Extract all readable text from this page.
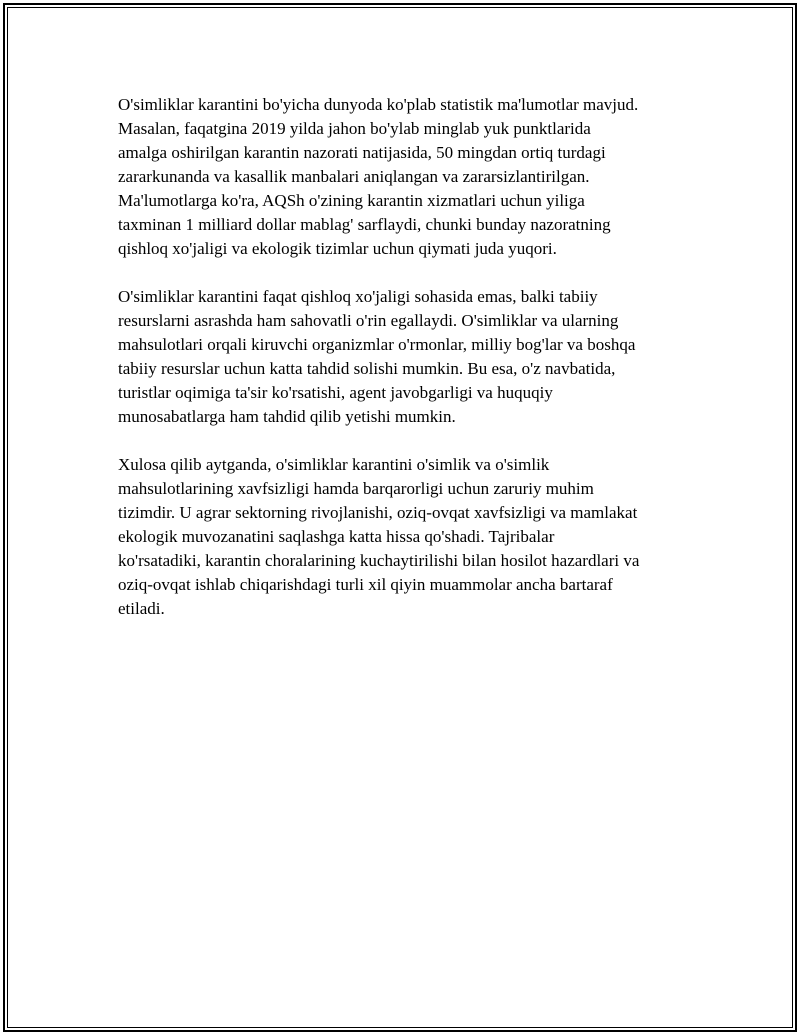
O'simliklar karantini bo'yicha dunyoda ko'plab statistik ma'lumotlar mavjud.
Masalan, faqatgina 2019 yilda jahon bo'ylab minglab yuk punktlarida
amalga oshirilgan karantin nazorati natijasida, 50 mingdan ortiq turdagi
zararkunanda va kasallik manbalari aniqlangan va zararsizlantirilgan.
Ma'lumotlarga ko'ra, AQSh o'zining karantin xizmatlari uchun yiliga
taxminan 1 milliard dollar mablag' sarflaydi, chunki bunday nazoratning
qishloq xo'jaligi va ekologik tizimlar uchun qiymati juda yuqori.

O'simliklar karantini faqat qishloq xo'jaligi sohasida emas, balki tabiiy
resurslarni asrashda ham sahovatli o'rin egallaydi. O'simliklar va ularning
mahsulotlari orqali kiruvchi organizmlar o'rmonlar, milliy bog'lar va boshqa
tabiiy resurslar uchun katta tahdid solishi mumkin. Bu esa, o'z navbatida,
turistlar oqimiga ta'sir ko'rsatishi, agent javobgarligi va huquqiy
munosabatlarga ham tahdid qilib yetishi mumkin.

Xulosa qilib aytganda, o'simliklar karantini o'simlik va o'simlik
mahsulotlarining xavfsizligi hamda barqarorligi uchun zaruriy muhim
tizimdir. U agrar sektorning rivojlanishi, oziq-ovqat xavfsizligi va mamlakat
ekologik muvozanatini saqlashga katta hissa qo'shadi. Tajribalar
ko'rsatadiki, karantin choralarining kuchaytirilishi bilan hosilot hazardlari va
oziq-ovqat ishlab chiqarishdagi turli xil qiyin muammolar ancha bartaraf
etiladi.
